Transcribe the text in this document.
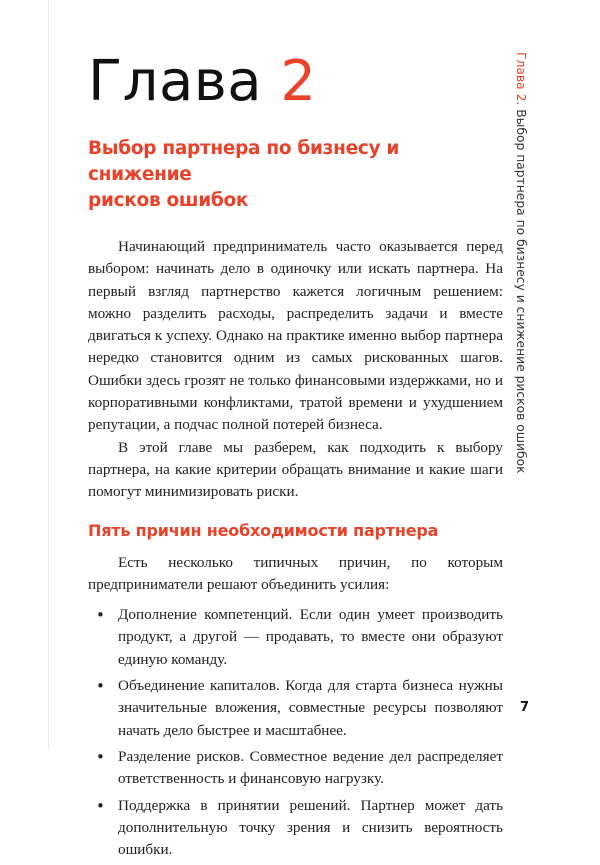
Глава 2
Выбор партнера по бизнесу и снижение
рисков ошибок

Начинающий предприниматель часто оказывается перед выбором: начинать дело в одиночку или искать партнера. На первый взгляд партнерство кажется логичным решением: можно разделить расходы, распределить задачи и вместе двигаться к успеху. Однако на практике именно выбор партнера нередко становится одним из самых рискованных шагов. Ошибки здесь грозят не только финансовыми издержками, но и корпоративными конфликтами, тратой времени и ухудшением репутации, а подчас полной потерей бизнеса.

В этой главе мы разберем, как подходить к выбору партнера, на какие критерии обращать внимание и какие шаги помогут минимизировать риски.

Пять причин необходимости партнера

Есть несколько типичных причин, по которым предприниматели решают объединить усилия:

• Дополнение компетенций. Если один умеет производить продукт, а другой — продавать, то вместе они образуют единую команду.
• Объединение капиталов. Когда для старта бизнеса нужны значительные вложения, совместные ресурсы позволяют начать дело быстрее и масштабнее.
• Разделение рисков. Совместное ведение дел распределяет ответственность и финансовую нагрузку.
• Поддержка в принятии решений. Партнер может дать дополнительную точку зрения и снизить вероятность ошибки.
Глава 2. Выбор партнера по бизнесу и снижение рисков ошибок
7
